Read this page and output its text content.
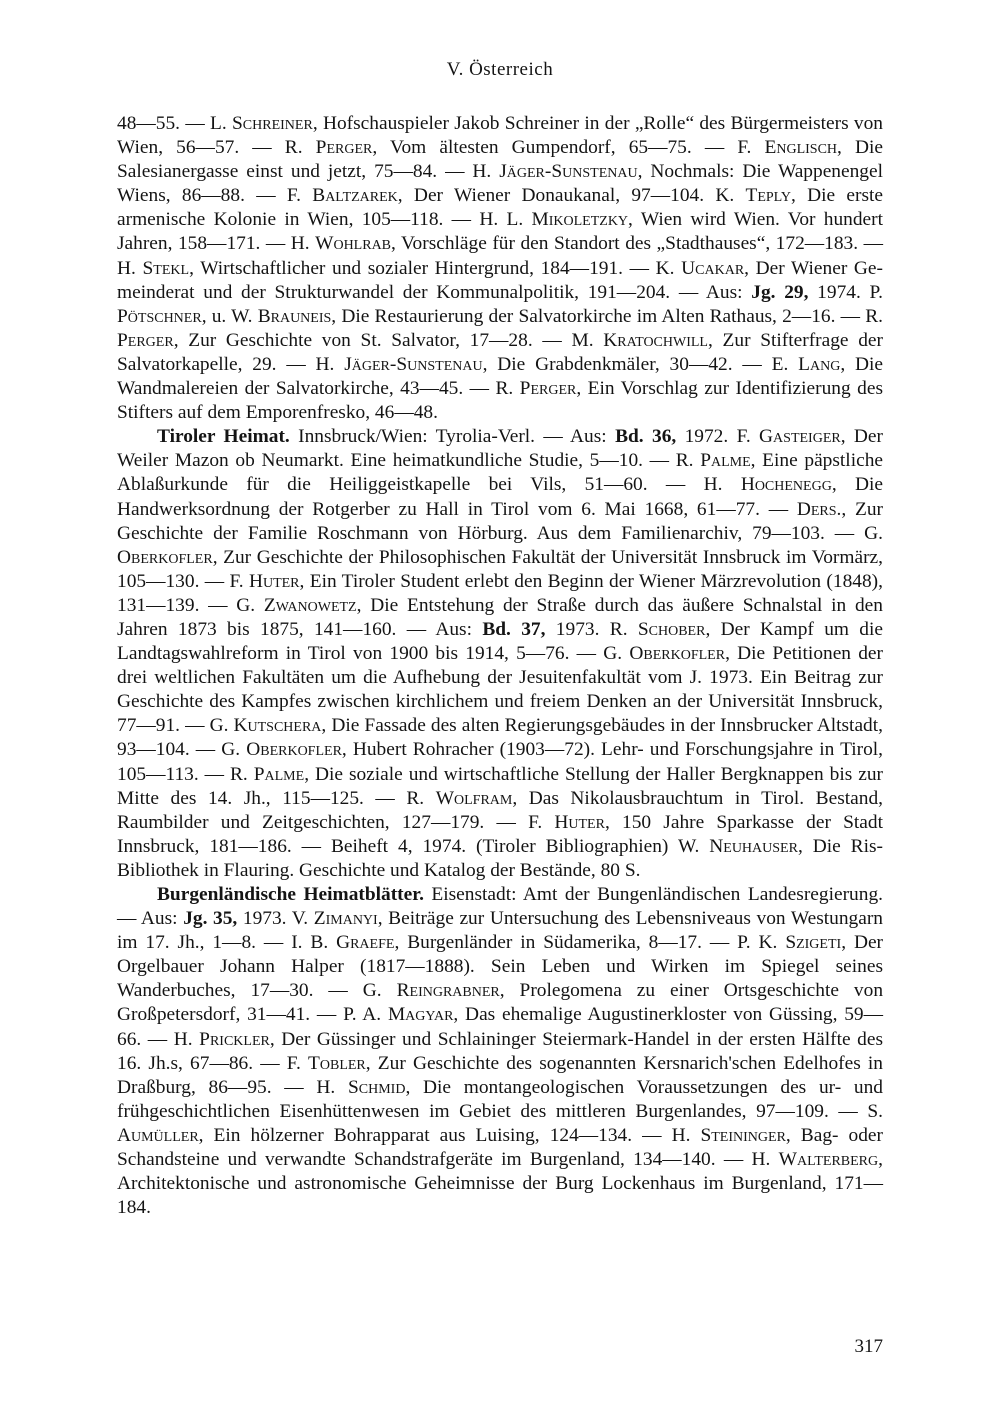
V. Österreich

48—55. — L. Schreiner, Hofschauspieler Jakob Schreiner in der „Rolle“ des Bürgermeisters von Wien, 56—57. — R. Perger, Vom ältesten Gumpendorf, 65—75. — F. Englisch, Die Salesianergasse einst und jetzt, 75—84. — H. Jäger-Sunstenau, Nochmals: Die Wappenengel Wiens, 86—88. — F. Baltzarek, Der Wiener Donaukanal, 97—104. K. Teply, Die erste armenische Kolonie in Wien, 105—118. — H. L. Mikoletzky, Wien wird Wien. Vor hundert Jahren, 158—171. — H. Wohlrab, Vorschläge für den Standort des „Stadthauses“, 172—183. — H. Stekl, Wirtschaftlicher und sozialer Hintergrund, 184—191. — K. Ucakar, Der Wiener Gemeinderat und der Strukturwandel der Kommunalpolitik, 191—204. — Aus: Jg. 29, 1974. P. Pötschner, u. W. Brauneis, Die Restaurierung der Salvatorkirche im Alten Rathaus, 2—16. — R. Perger, Zur Geschichte von St. Salvator, 17—28. — M. Kratochwill, Zur Stifterfrage der Salvatorkapelle, 29. — H. Jäger-Sunstenau, Die Grabdenkmäler, 30—42. — E. Lang, Die Wandmalereien der Salvatorkirche, 43—45. — R. Perger, Ein Vorschlag zur Identifizierung des Stifters auf dem Emporenfresko, 46—48.

Tiroler Heimat. Innsbruck/Wien: Tyrolia-Verl. — Aus: Bd. 36, 1972. F. Gasteiger, Der Weiler Mazon ob Neumarkt. Eine heimatkundliche Studie, 5—10. — R. Palme, Eine päpstliche Ablaßurkunde für die Heiliggeistkapelle bei Vils, 51—60. — H. Hochenegg, Die Handwerksordnung der Rotgerber zu Hall in Tirol vom 6. Mai 1668, 61—77. — Ders., Zur Geschichte der Familie Roschmann von Hörburg. Aus dem Familienarchiv, 79—103. — G. Oberkofler, Zur Geschichte der Philosophischen Fakultät der Universität Innsbruck im Vormärz, 105—130. — F. Huter, Ein Tiroler Student erlebt den Beginn der Wiener Märzrevolution (1848), 131—139. — G. Zwanowetz, Die Entstehung der Straße durch das äußere Schnalstal in den Jahren 1873 bis 1875, 141—160. — Aus: Bd. 37, 1973. R. Schober, Der Kampf um die Landtagswahlreform in Tirol von 1900 bis 1914, 5—76. — G. Oberkofler, Die Petitionen der drei weltlichen Fakultäten um die Aufhebung der Jesuitenfakultät vom J. 1973. Ein Beitrag zur Geschichte des Kampfes zwischen kirchlichem und freiem Denken an der Universität Innsbruck, 77—91. — G. Kutschera, Die Fassade des alten Regierungsgebäudes in der Innsbrucker Altstadt, 93—104. — G. Oberkofler, Hubert Rohracher (1903—72). Lehr- und Forschungsjahre in Tirol, 105—113. — R. Palme, Die soziale und wirtschaftliche Stellung der Haller Bergknappen bis zur Mitte des 14. Jh., 115—125. — R. Wolfram, Das Nikolausbrauchtum in Tirol. Bestand, Raumbilder und Zeitgeschichten, 127—179. — F. Huter, 150 Jahre Sparkasse der Stadt Innsbruck, 181—186. — Beiheft 4, 1974. (Tiroler Bibliographien) W. Neuhauser, Die Ris-Bibliothek in Flauring. Geschichte und Katalog der Bestände, 80 S.

Burgenländische Heimatblätter. Eisenstadt: Amt der Bungenländischen Landesregierung. — Aus: Jg. 35, 1973. V. Zimanyi, Beiträge zur Untersuchung des Lebensniveaus von Westungarn im 17. Jh., 1—8. — I. B. Graefe, Burgenländer in Südamerika, 8—17. — P. K. Szigeti, Der Orgelbauer Johann Halper (1817—1888). Sein Leben und Wirken im Spiegel seines Wanderbuches, 17—30. — G. Reingrabner, Prolegomena zu einer Ortsgeschichte von Großpetersdorf, 31—41. — P. A. Magyar, Das ehemalige Augustinerkloster von Güssing, 59—66. — H. Prickler, Der Güssinger und Schlaininger Steiermark-Handel in der ersten Hälfte des 16. Jh.s, 67—86. — F. Tobler, Zur Geschichte des sogenannten Kersnarich'schen Edelhofes in Draßburg, 86—95. — H. Schmid, Die montangeologischen Voraussetzungen des ur- und frühgeschichtlichen Eisenhüttenwesen im Gebiet des mittleren Burgenlandes, 97—109. — S. Aumüller, Ein hölzerner Bohrapparat aus Luising, 124—134. — H. Steininger, Bag- oder Schandsteine und verwandte Schandstrafgeräte im Burgenland, 134—140. — H. Walterberg, Architektonische und astronomische Geheimnisse der Burg Lockenhaus im Burgenland, 171—184.

317
